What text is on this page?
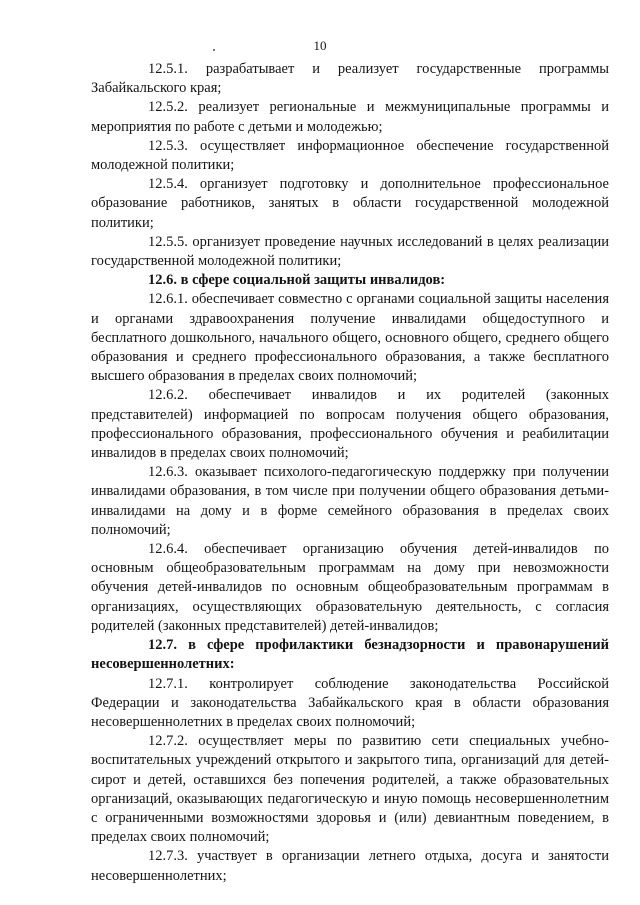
10

12.5.1. разрабатывает и реализует государственные программы Забайкальского края;

12.5.2. реализует региональные и межмуниципальные программы и мероприятия по работе с детьми и молодежью;

12.5.3. осуществляет информационное обеспечение государственной молодежной политики;

12.5.4. организует подготовку и дополнительное профессиональное образование работников, занятых в области государственной молодежной политики;

12.5.5. организует проведение научных исследований в целях реализации государственной молодежной политики;

12.6. в сфере социальной защиты инвалидов:

12.6.1. обеспечивает совместно с органами социальной защиты населения и органами здравоохранения получение инвалидами общедоступного и бесплатного дошкольного, начального общего, основного общего, среднего общего образования и среднего профессионального образования, а также бесплатного высшего образования в пределах своих полномочий;

12.6.2. обеспечивает инвалидов и их родителей (законных представителей) информацией по вопросам получения общего образования, профессионального образования, профессионального обучения и реабилитации инвалидов в пределах своих полномочий;

12.6.3. оказывает психолого-педагогическую поддержку при получении инвалидами образования, в том числе при получении общего образования детьми-инвалидами на дому и в форме семейного образования в пределах своих полномочий;

12.6.4. обеспечивает организацию обучения детей-инвалидов по основным общеобразовательным программам на дому при невозможности обучения детей-инвалидов по основным общеобразовательным программам в организациях, осуществляющих образовательную деятельность, с согласия родителей (законных представителей) детей-инвалидов;

12.7. в сфере профилактики безнадзорности и правонарушений несовершеннолетних:

12.7.1. контролирует соблюдение законодательства Российской Федерации и законодательства Забайкальского края в области образования несовершеннолетних в пределах своих полномочий;

12.7.2. осуществляет меры по развитию сети специальных учебно-воспитательных учреждений открытого и закрытого типа, организаций для детей-сирот и детей, оставшихся без попечения родителей, а также образовательных организаций, оказывающих педагогическую и иную помощь несовершеннолетним с ограниченными возможностями здоровья и (или) девиантным поведением, в пределах своих полномочий;

12.7.3. участвует в организации летнего отдыха, досуга и занятости несовершеннолетних;
